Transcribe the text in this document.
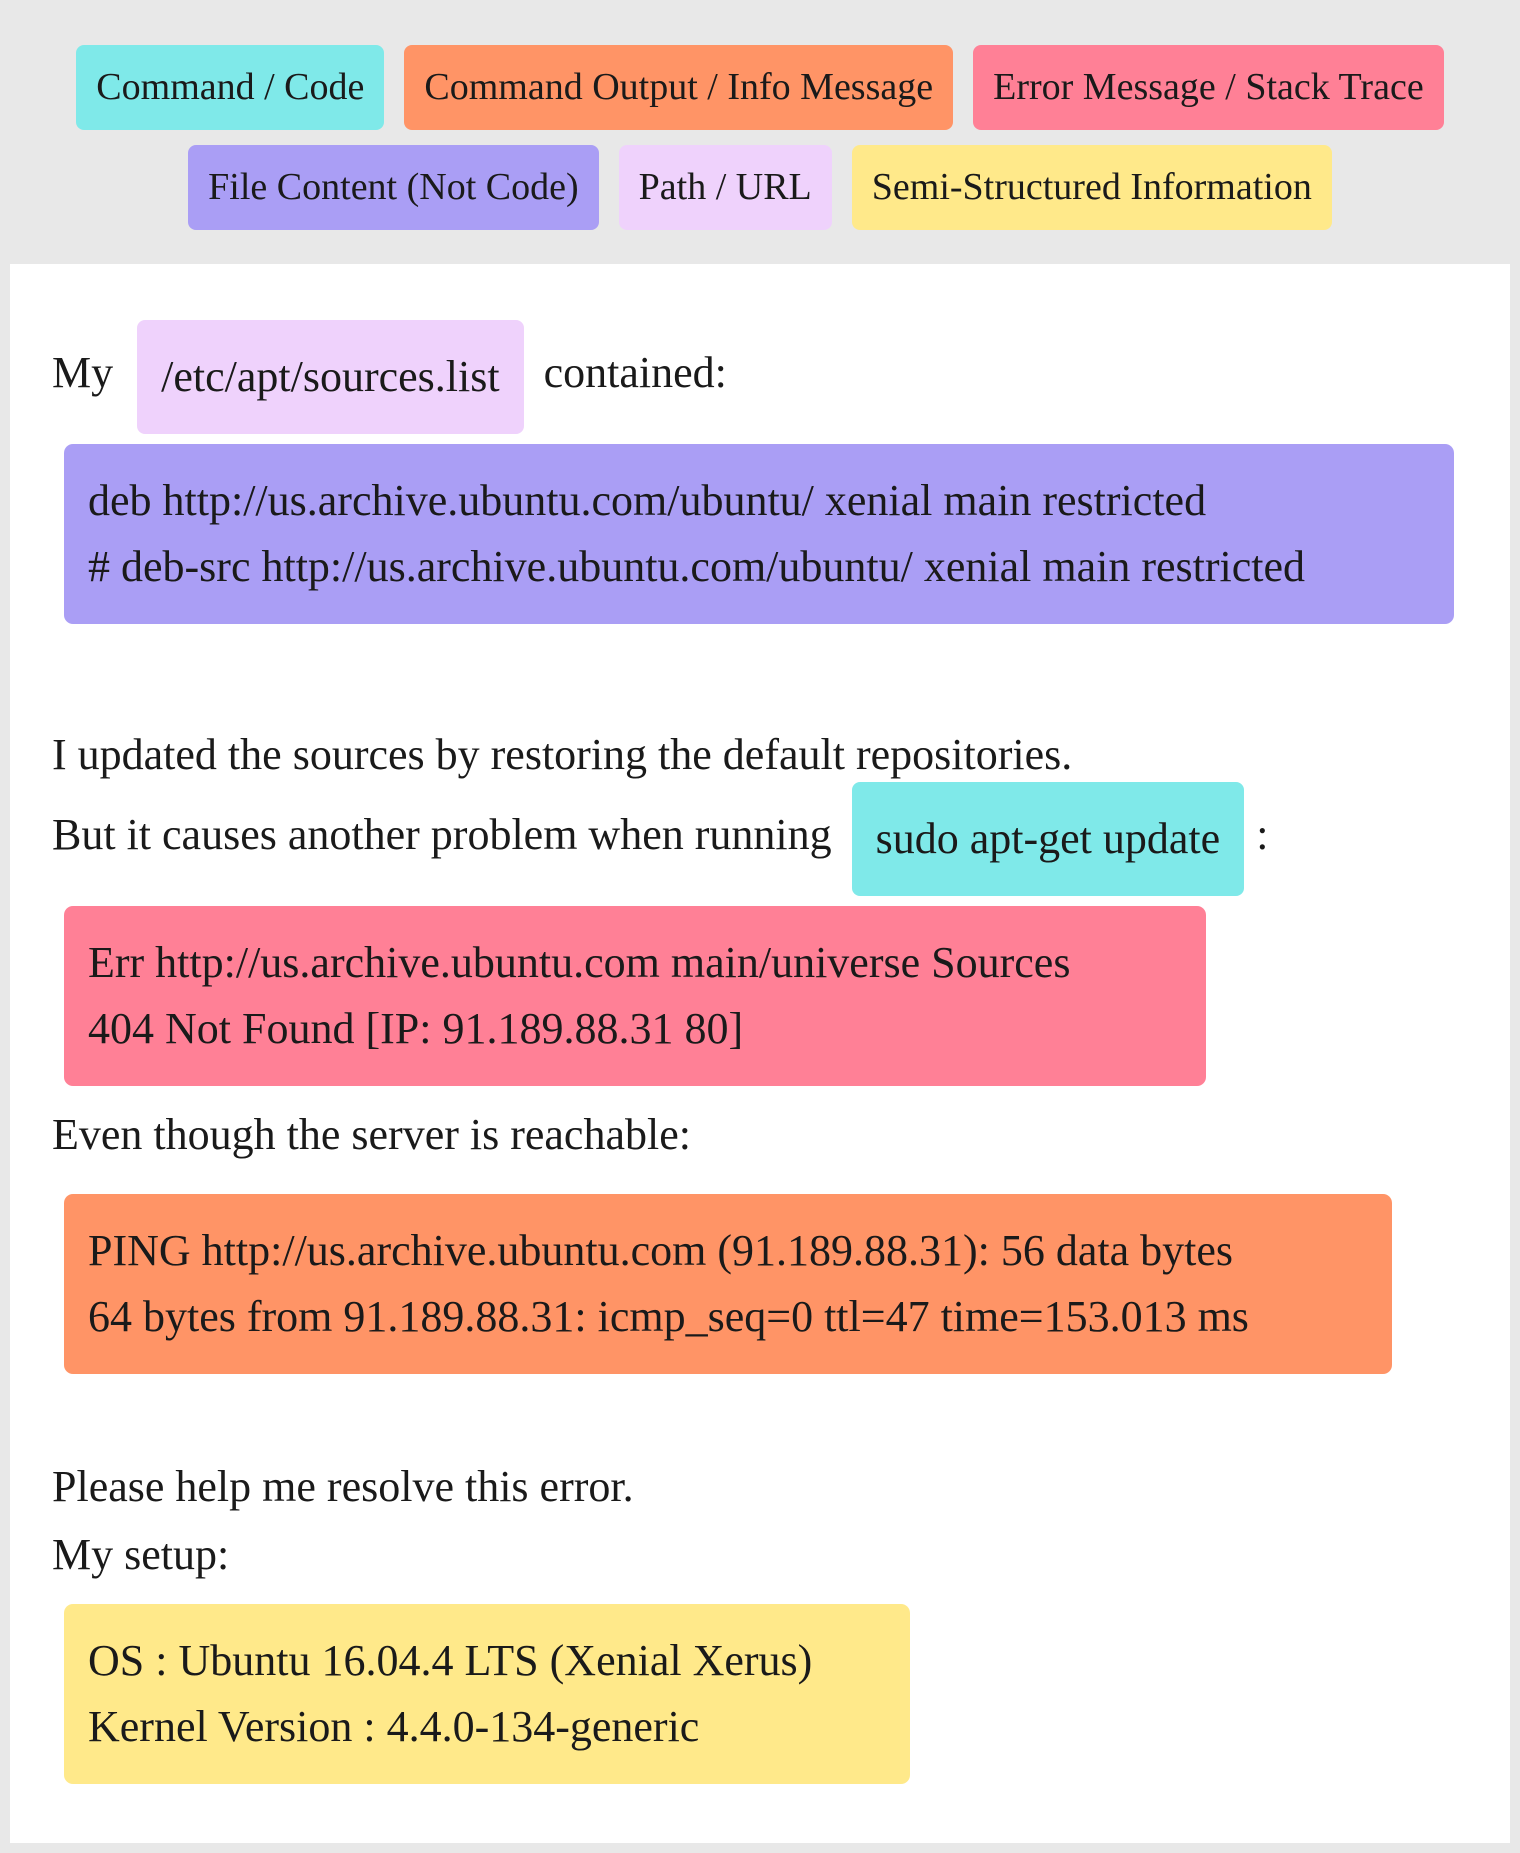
Command / Code	Command Output / Info Message	Error Message / Stack Trace
File Content (Not Code)	Path / URL	Semi-Structured Information
My /etc/apt/sources.list contained:
deb http://us.archive.ubuntu.com/ubuntu/ xenial main restricted
# deb-src http://us.archive.ubuntu.com/ubuntu/ xenial main restricted
I updated the sources by restoring the default repositories.
But it causes another problem when running sudo apt-get update :
Err http://us.archive.ubuntu.com main/universe Sources
404 Not Found [IP: 91.189.88.31 80]
Even though the server is reachable:
PING http://us.archive.ubuntu.com (91.189.88.31): 56 data bytes
64 bytes from 91.189.88.31: icmp_seq=0 ttl=47 time=153.013 ms
Please help me resolve this error.
My setup:
OS : Ubuntu 16.04.4 LTS (Xenial Xerus)
Kernel Version : 4.4.0-134-generic
